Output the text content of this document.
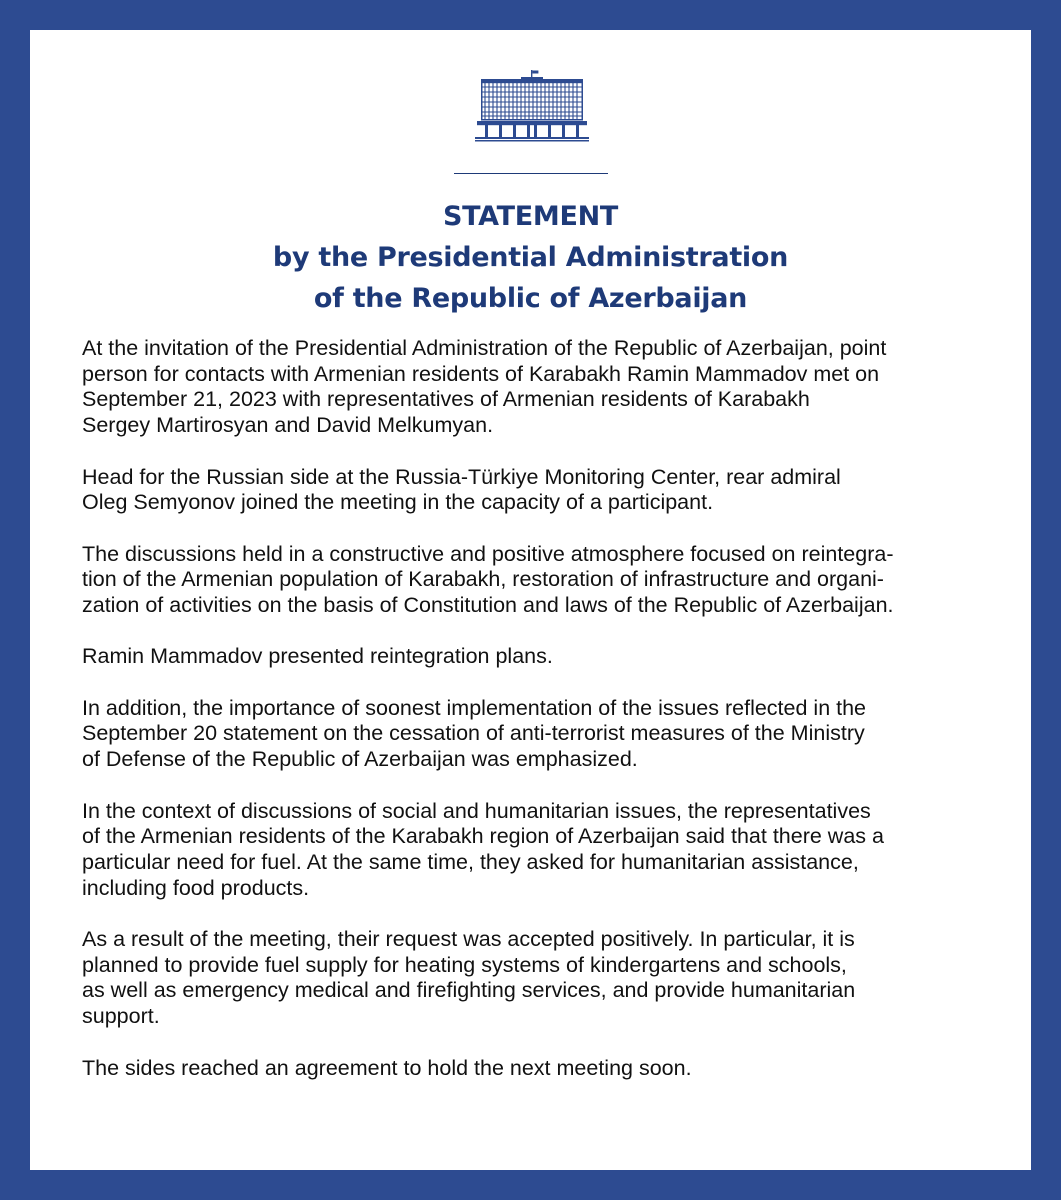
STATEMENT
by the Presidential Administration
of the Republic of Azerbaijan

At the invitation of the Presidential Administration of the Republic of Azerbaijan, point
person for contacts with Armenian residents of Karabakh Ramin Mammadov met on
September 21, 2023 with representatives of Armenian residents of Karabakh
Sergey Martirosyan and David Melkumyan.

Head for the Russian side at the Russia-Türkiye Monitoring Center, rear admiral
Oleg Semyonov joined the meeting in the capacity of a participant.

The discussions held in a constructive and positive atmosphere focused on reintegra-
tion of the Armenian population of Karabakh, restoration of infrastructure and organi-
zation of activities on the basis of Constitution and laws of the Republic of Azerbaijan.

Ramin Mammadov presented reintegration plans.

In addition, the importance of soonest implementation of the issues reflected in the
September 20 statement on the cessation of anti-terrorist measures of the Ministry
of Defense of the Republic of Azerbaijan was emphasized.

In the context of discussions of social and humanitarian issues, the representatives
of the Armenian residents of the Karabakh region of Azerbaijan said that there was a
particular need for fuel. At the same time, they asked for humanitarian assistance,
including food products.

As a result of the meeting, their request was accepted positively. In particular, it is
planned to provide fuel supply for heating systems of kindergartens and schools,
as well as emergency medical and firefighting services, and provide humanitarian
support.

The sides reached an agreement to hold the next meeting soon.
